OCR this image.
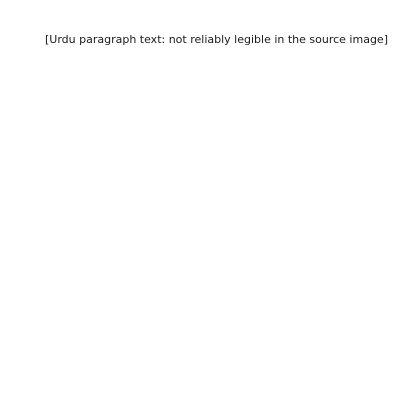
[Urdu paragraph text: not reliably legible in the source image]
